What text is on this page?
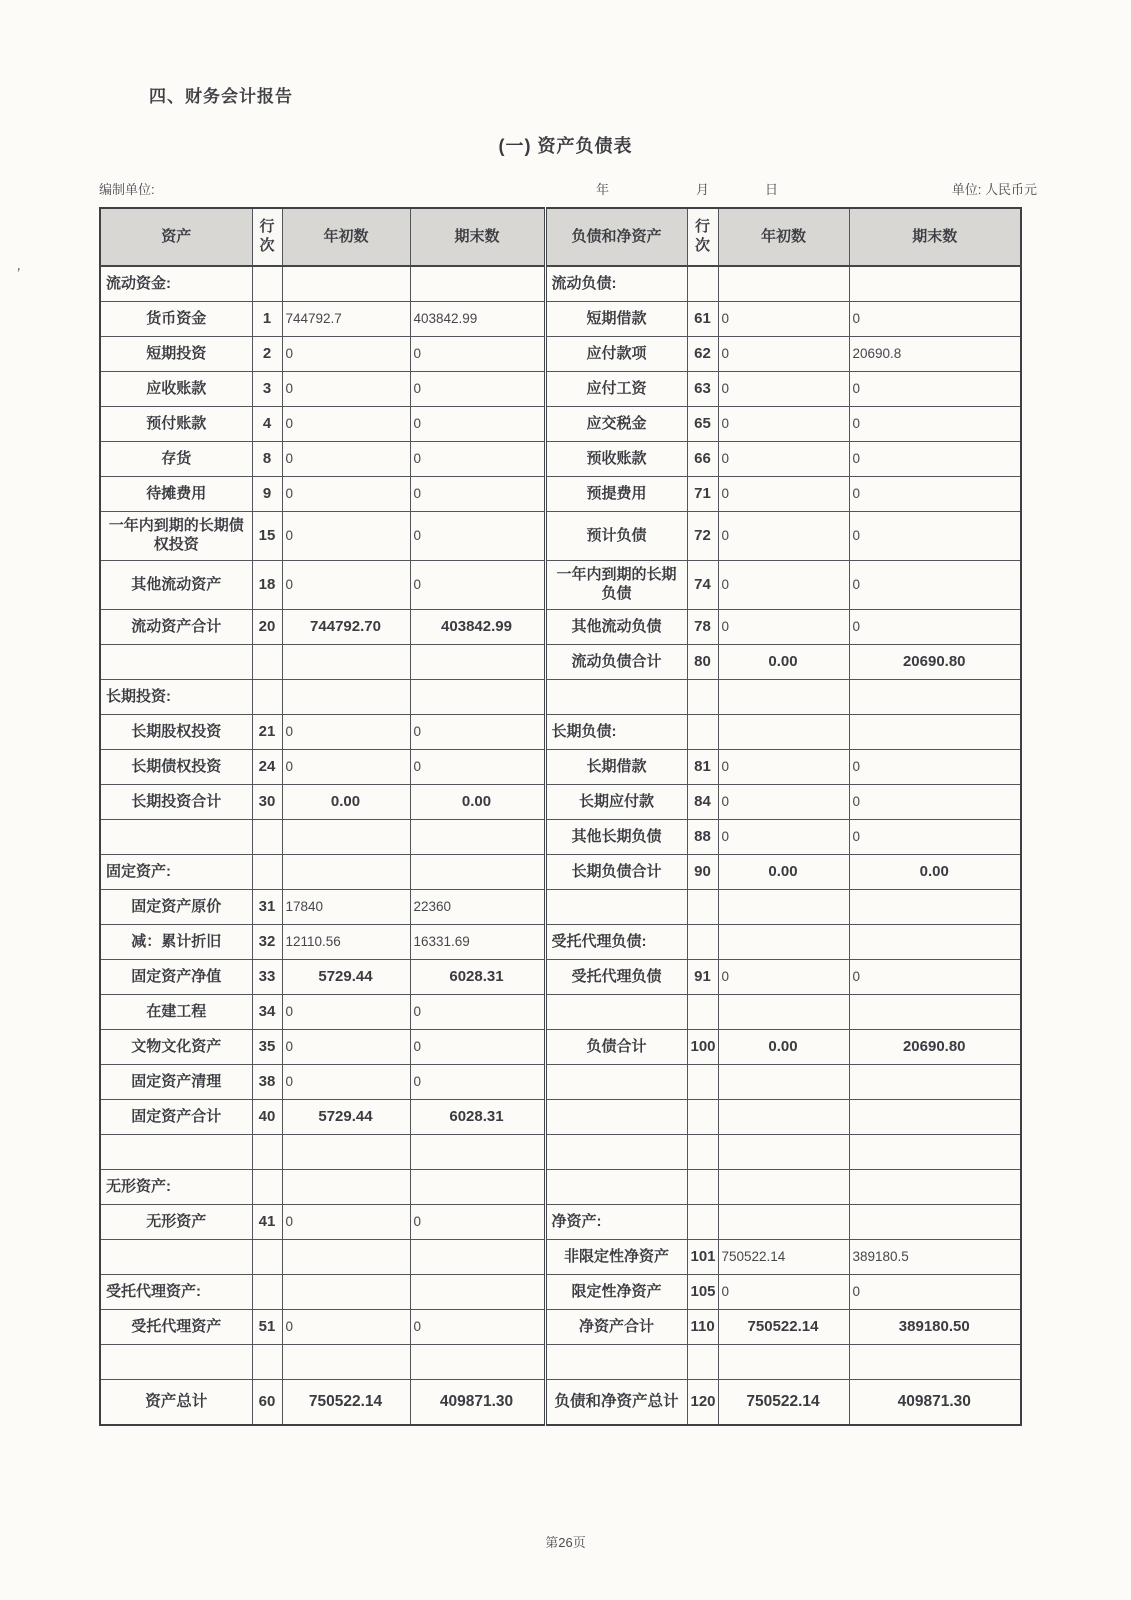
ʼ
四、财务会计报告
(一) 资产负债表
编制单位:	年	月	日	单位: 人民币元
资产	行次	年初数	期末数	负债和净资产	行次	年初数	期末数
流动资金:				流动负债:			
货币资金	1	744792.7	403842.99	短期借款	61	0	0
短期投资	2	0	0	应付款项	62	0	20690.8
应收账款	3	0	0	应付工资	63	0	0
预付账款	4	0	0	应交税金	65	0	0
存货	8	0	0	预收账款	66	0	0
待摊费用	9	0	0	预提费用	71	0	0
一年内到期的长期债权投资	15	0	0	预计负债	72	0	0
其他流动资产	18	0	0	一年内到期的长期负债	74	0	0
流动资产合计	20	744792.70	403842.99	其他流动负债	78	0	0
				流动负债合计	80	0.00	20690.80
长期投资:							
长期股权投资	21	0	0	长期负债:			
长期债权投资	24	0	0	长期借款	81	0	0
长期投资合计	30	0.00	0.00	长期应付款	84	0	0
				其他长期负债	88	0	0
固定资产:				长期负债合计	90	0.00	0.00
固定资产原价	31	17840	22360				
减：累计折旧	32	12110.56	16331.69	受托代理负债:			
固定资产净值	33	5729.44	6028.31	受托代理负债	91	0	0
在建工程	34	0	0				
文物文化资产	35	0	0	负债合计	100	0.00	20690.80
固定资产清理	38	0	0				
固定资产合计	40	5729.44	6028.31				

无形资产:							
无形资产	41	0	0	净资产:			
				非限定性净资产	101	750522.14	389180.5
受托代理资产:				限定性净资产	105	0	0
受托代理资产	51	0	0	净资产合计	110	750522.14	389180.50

资产总计	60	750522.14	409871.30	负债和净资产总计	120	750522.14	409871.30
第26页
